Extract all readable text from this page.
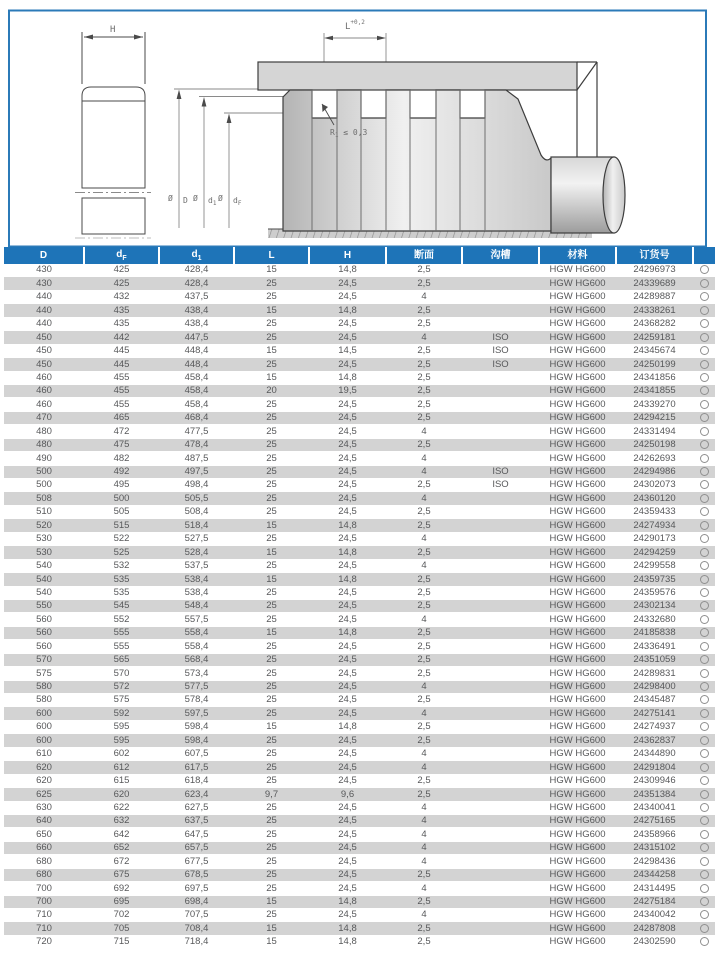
H
Ø D Ø $d_1$
Ø $d_F$
$L^{+0,2}$
$R_1 \le 0,3$
D	$d_F$	$d_1$	L	H	断面	沟槽	材料	订货号	
430	425	428,4	15	14,8	2,5		HGW HG600	24296973	
430	425	428,4	25	24,5	2,5		HGW HG600	24339689	
440	432	437,5	25	24,5	4		HGW HG600	24289887	
440	435	438,4	15	14,8	2,5		HGW HG600	24338261	
440	435	438,4	25	24,5	2,5		HGW HG600	24368282	
450	442	447,5	25	24,5	4	ISO	HGW HG600	24259181	
450	445	448,4	15	14,5	2,5	ISO	HGW HG600	24345674	
450	445	448,4	25	24,5	2,5	ISO	HGW HG600	24250199	
460	455	458,4	15	14,8	2,5		HGW HG600	24341856	
460	455	458,4	20	19,5	2,5		HGW HG600	24341855	
460	455	458,4	25	24,5	2,5		HGW HG600	24339270	
470	465	468,4	25	24,5	2,5		HGW HG600	24294215	
480	472	477,5	25	24,5	4		HGW HG600	24331494	
480	475	478,4	25	24,5	2,5		HGW HG600	24250198	
490	482	487,5	25	24,5	4		HGW HG600	24262693	
500	492	497,5	25	24,5	4	ISO	HGW HG600	24294986	
500	495	498,4	25	24,5	2,5	ISO	HGW HG600	24302073	
508	500	505,5	25	24,5	4		HGW HG600	24360120	
510	505	508,4	25	24,5	2,5		HGW HG600	24359433	
520	515	518,4	15	14,8	2,5		HGW HG600	24274934	
530	522	527,5	25	24,5	4		HGW HG600	24290173	
530	525	528,4	15	14,8	2,5		HGW HG600	24294259	
540	532	537,5	25	24,5	4		HGW HG600	24299558	
540	535	538,4	15	14,8	2,5		HGW HG600	24359735	
540	535	538,4	25	24,5	2,5		HGW HG600	24359576	
550	545	548,4	25	24,5	2,5		HGW HG600	24302134	
560	552	557,5	25	24,5	4		HGW HG600	24332680	
560	555	558,4	15	14,8	2,5		HGW HG600	24185838	
560	555	558,4	25	24,5	2,5		HGW HG600	24336491	
570	565	568,4	25	24,5	2,5		HGW HG600	24351059	
575	570	573,4	25	24,5	2,5		HGW HG600	24289831	
580	572	577,5	25	24,5	4		HGW HG600	24298400	
580	575	578,4	25	24,5	2,5		HGW HG600	24345487	
600	592	597,5	25	24,5	4		HGW HG600	24275141	
600	595	598,4	15	14,8	2,5		HGW HG600	24274937	
600	595	598,4	25	24,5	2,5		HGW HG600	24362837	
610	602	607,5	25	24,5	4		HGW HG600	24344890	
620	612	617,5	25	24,5	4		HGW HG600	24291804	
620	615	618,4	25	24,5	2,5		HGW HG600	24309946	
625	620	623,4	9,7	9,6	2,5		HGW HG600	24351384	
630	622	627,5	25	24,5	4		HGW HG600	24340041	
640	632	637,5	25	24,5	4		HGW HG600	24275165	
650	642	647,5	25	24,5	4		HGW HG600	24358966	
660	652	657,5	25	24,5	4		HGW HG600	24315102	
680	672	677,5	25	24,5	4		HGW HG600	24298436	
680	675	678,5	25	24,5	2,5		HGW HG600	24344258	
700	692	697,5	25	24,5	4		HGW HG600	24314495	
700	695	698,4	15	14,8	2,5		HGW HG600	24275184	
710	702	707,5	25	24,5	4		HGW HG600	24340042	
710	705	708,4	15	14,8	2,5		HGW HG600	24287808	
720	715	718,4	15	14,8	2,5		HGW HG600	24302590	
